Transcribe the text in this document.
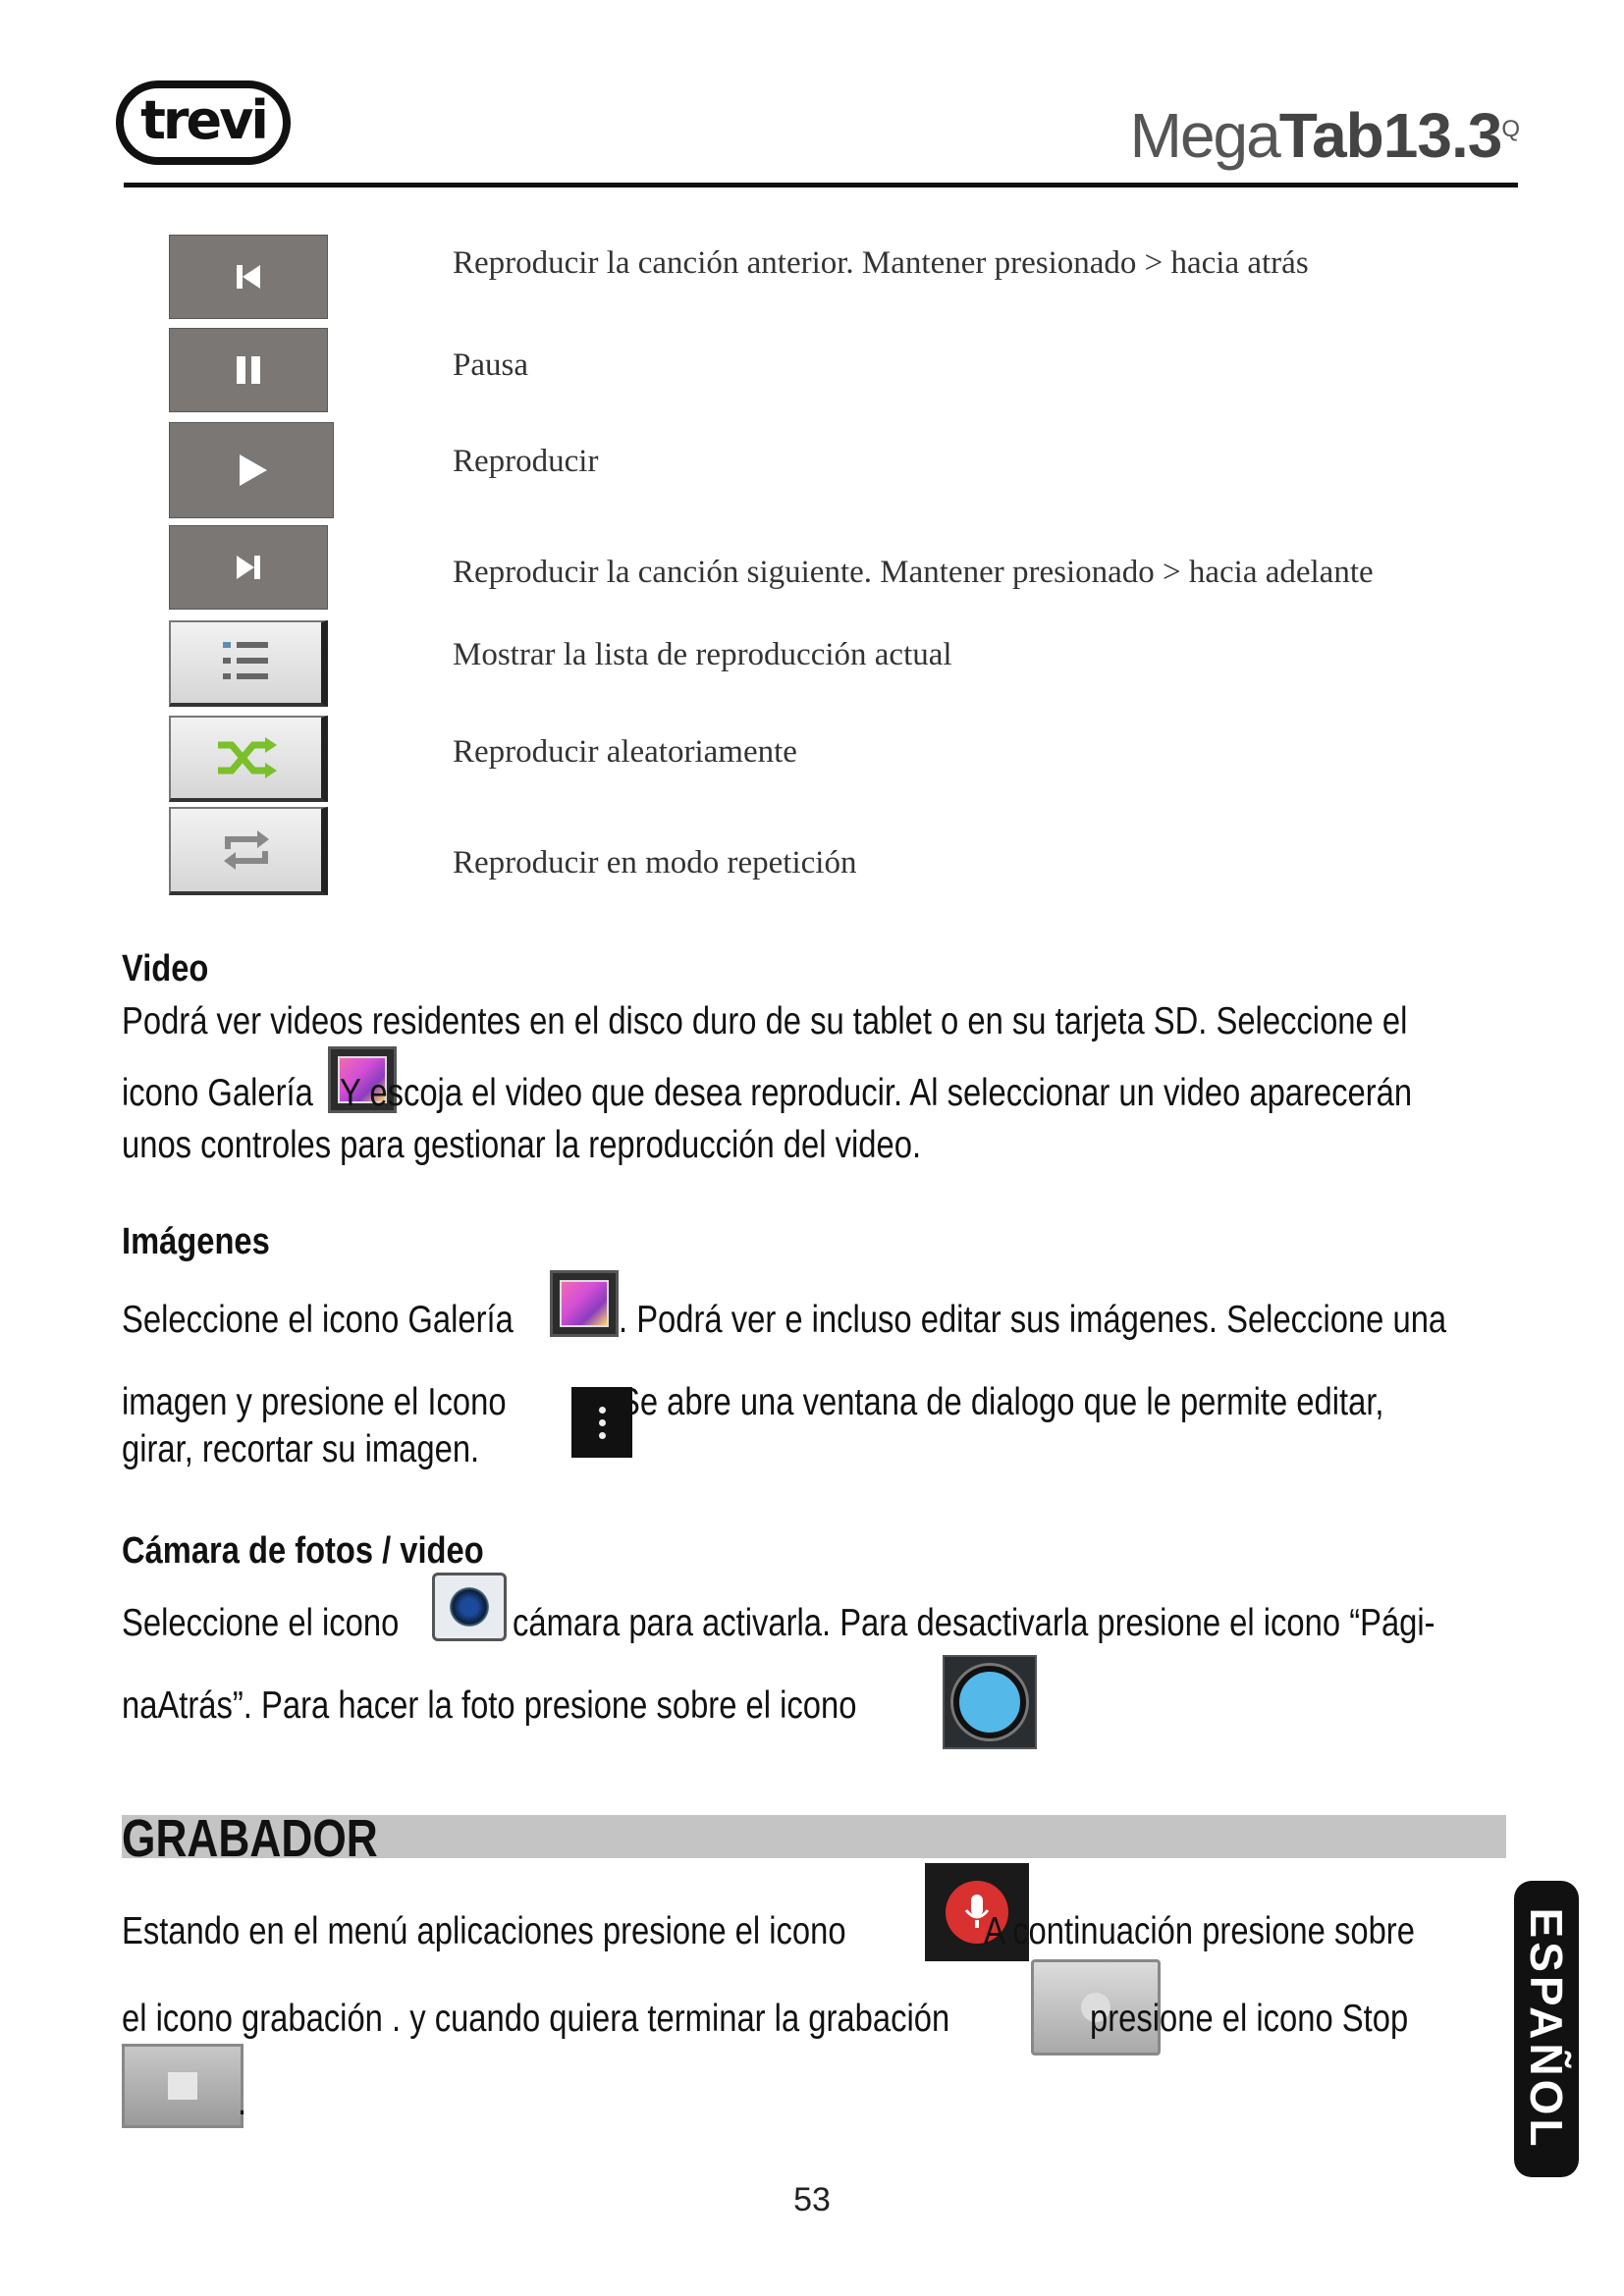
trevi	$MegaTab13.3^Q$
Reproducir la canción anterior. Mantener presionado > hacia atrás
Pausa
Reproducir
Reproducir la canción siguiente. Mantener presionado > hacia adelante
Mostrar la lista de reproducción actual
Reproducir aleatoriamente
Reproducir en modo repetición
Video
Podrá ver videos residentes en el disco duro de su tablet o en su tarjeta SD. Seleccione el
icono Galería Y escoja el video que desea reproducir. Al seleccionar un video aparecerán
unos controles para gestionar la reproducción del video.
Imágenes
Seleccione el icono Galería	. Podrá ver e incluso editar sus imágenes. Seleccione una
imagen y presione el Icono	Se abre una ventana de dialogo que le permite editar,
girar, recortar su imagen.
Cámara de fotos / video
Seleccione el icono	cámara para activarla. Para desactivarla presione el icono “Pági-
naAtrás”. Para hacer la foto presione sobre el icono
GRABADOR
Estando en el menú aplicaciones presione el icono	A continuación presione sobre
el icono grabación . y cuando quiera terminar la grabación	presione el icono Stop
.	ESPAÑOL
53
